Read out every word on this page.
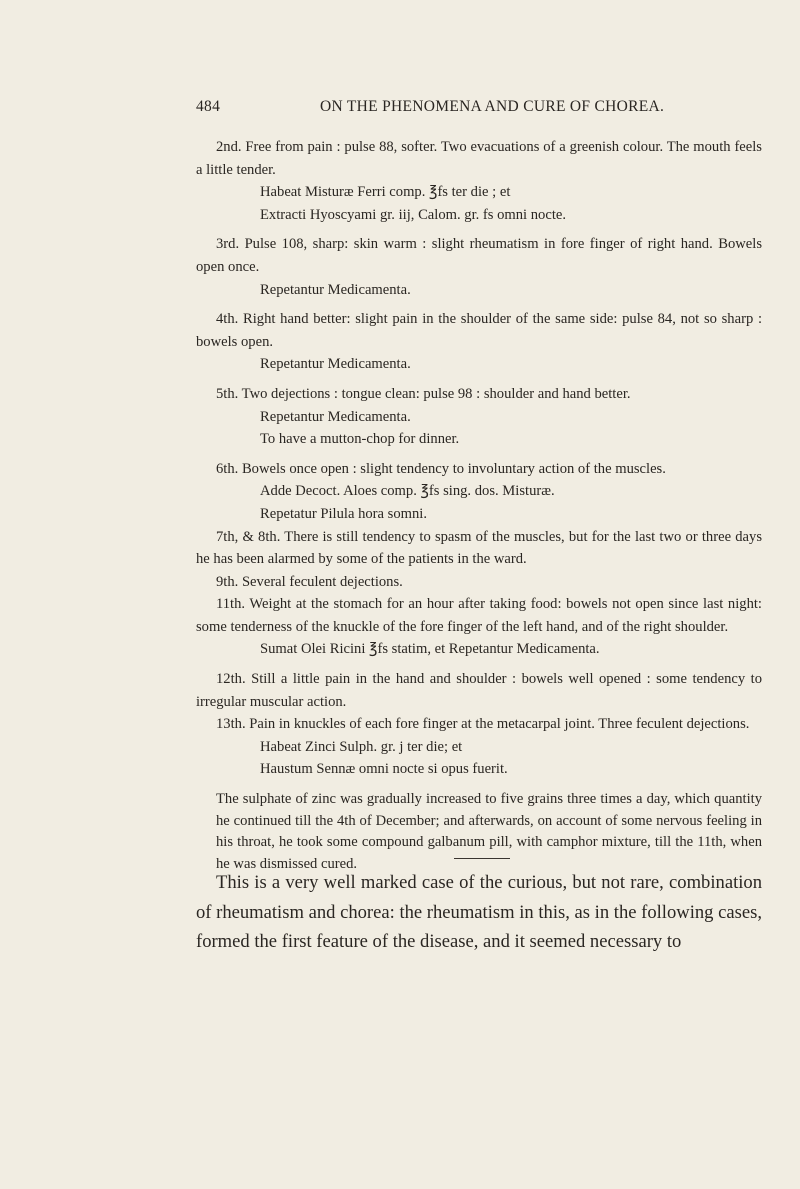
484	ON THE PHENOMENA AND CURE OF CHOREA.

2nd. Free from pain : pulse 88, softer. Two evacuations of a greenish colour. The mouth feels a little tender.

Habeat Misturæ Ferri comp. ℥fs ter die ; et

Extracti Hyoscyami gr. iij, Calom. gr. fs omni nocte.

3rd. Pulse 108, sharp: skin warm : slight rheumatism in fore finger of right hand. Bowels open once.

Repetantur Medicamenta.

4th. Right hand better: slight pain in the shoulder of the same side: pulse 84, not so sharp : bowels open.

Repetantur Medicamenta.

5th. Two dejections : tongue clean: pulse 98 : shoulder and hand better.

Repetantur Medicamenta.

To have a mutton-chop for dinner.

6th. Bowels once open : slight tendency to involuntary action of the muscles.

Adde Decoct. Aloes comp. ℥fs sing. dos. Misturæ.

Repetatur Pilula hora somni.

7th, & 8th. There is still tendency to spasm of the muscles, but for the last two or three days he has been alarmed by some of the patients in the ward.

9th. Several feculent dejections.

11th. Weight at the stomach for an hour after taking food: bowels not open since last night: some tenderness of the knuckle of the fore finger of the left hand, and of the right shoulder.

Sumat Olei Ricini ℥fs statim, et Repetantur Medicamenta.

12th. Still a little pain in the hand and shoulder : bowels well opened : some tendency to irregular muscular action.

13th. Pain in knuckles of each fore finger at the metacarpal joint. Three feculent dejections.

Habeat Zinci Sulph. gr. j ter die; et

Haustum Sennæ omni nocte si opus fuerit.

The sulphate of zinc was gradually increased to five grains three times a day, which quantity he continued till the 4th of December; and afterwards, on account of some nervous feeling in his throat, he took some compound galbanum pill, with camphor mixture, till the 11th, when he was dismissed cured.

This is a very well marked case of the curious, but not rare, combination of rheumatism and chorea: the rheumatism in this, as in the following cases, formed the first feature of the disease, and it seemed necessary to
